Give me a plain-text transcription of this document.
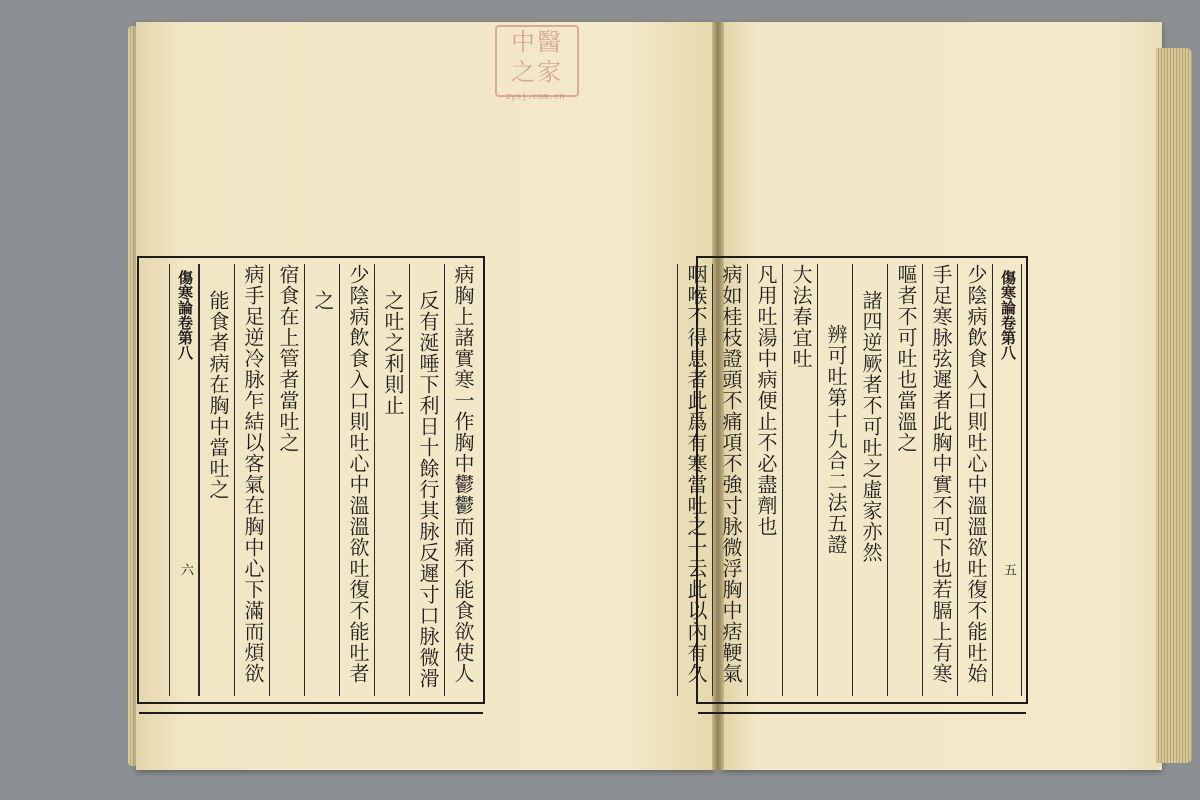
中醫
之家
zysj.com.cn
病胸上諸實寒一作胸中鬱鬱而痛不能食欲使人
反有涎唾下利日十餘行其脉反遲寸口脉微滑
之吐之利則止
少陰病飲食入口則吐心中溫溫欲吐復不能吐者
之
宿食在上管者當吐之
病手足逆冷脉乍結以客氣在胸中心下滿而煩欲
能食者病在胸中當吐之
傷寒論卷第八
六
傷寒論卷第八
五
少陰病飲食入口則吐心中溫溫欲吐復不能吐始
手足寒脉弦遲者此胸中實不可下也若膈上有寒
嘔者不可吐也當溫之
諸四逆厥者不可吐之虛家亦然
辨可吐第十九合二法五證
大法春宜吐
凡用吐湯中病便止不必盡劑也
病如桂枝證頭不痛項不強寸脉微浮胸中痞鞕氣
咽喉不得息者此爲有寒當吐之一云此以內有久
